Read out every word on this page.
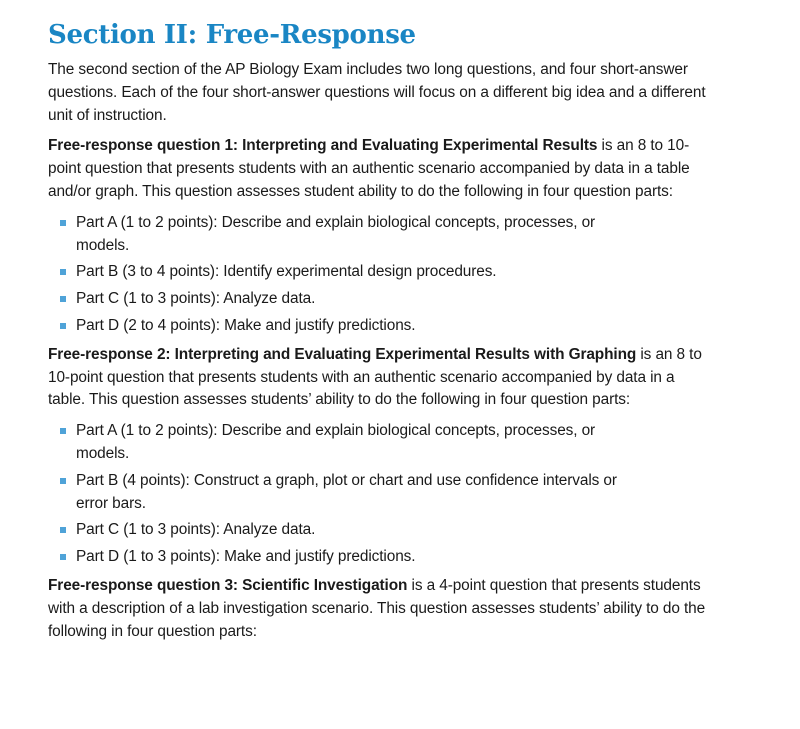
Section II: Free-Response

The second section of the AP Biology Exam includes two long questions, and four short-answer questions. Each of the four short-answer questions will focus on a different big idea and a different unit of instruction.

Free-response question 1: Interpreting and Evaluating Experimental Results is an 8 to 10-point question that presents students with an authentic scenario accompanied by data in a table and/or graph. This question assesses student ability to do the following in four question parts:

Part A (1 to 2 points): Describe and explain biological concepts, processes, or models.
Part B (3 to 4 points): Identify experimental design procedures.
Part C (1 to 3 points): Analyze data.
Part D (2 to 4 points): Make and justify predictions.

Free-response 2: Interpreting and Evaluating Experimental Results with Graphing is an 8 to 10-point question that presents students with an authentic scenario accompanied by data in a table. This question assesses students’ ability to do the following in four question parts:

Part A (1 to 2 points): Describe and explain biological concepts, processes, or models.
Part B (4 points): Construct a graph, plot or chart and use confidence intervals or error bars.
Part C (1 to 3 points): Analyze data.
Part D (1 to 3 points): Make and justify predictions.

Free-response question 3: Scientific Investigation is a 4-point question that presents students with a description of a lab investigation scenario. This question assesses students’ ability to do the following in four question parts:
